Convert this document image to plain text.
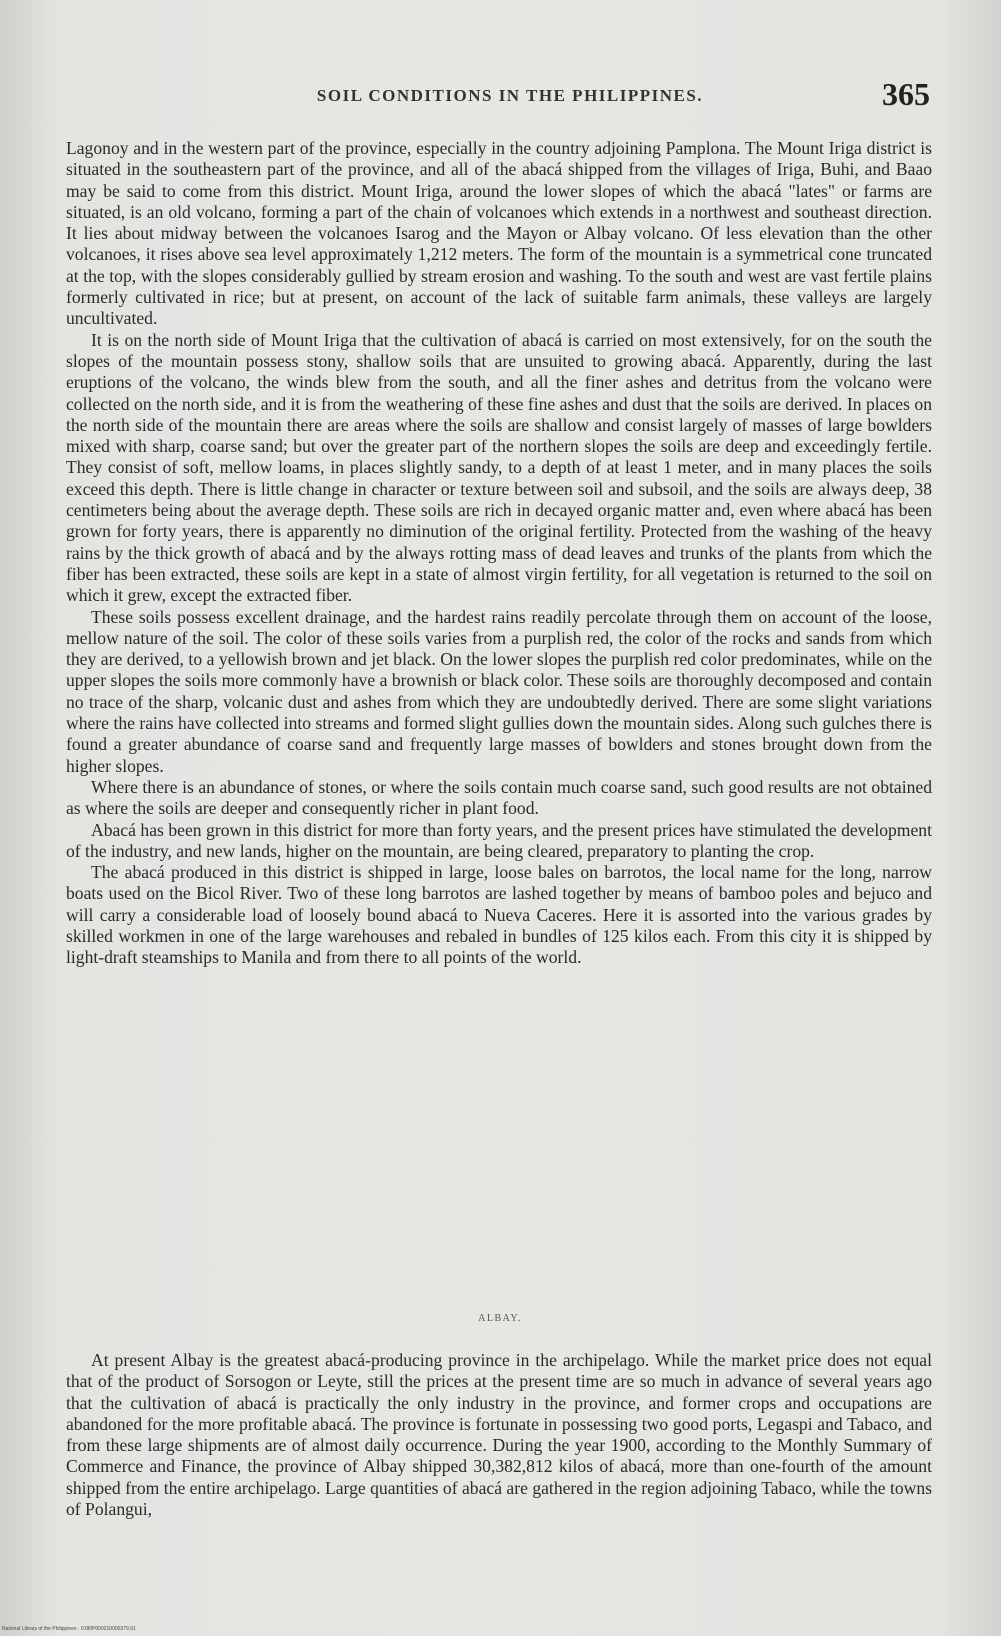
SOIL CONDITIONS IN THE PHILIPPINES.	365

Lagonoy and in the western part of the province, especially in the country adjoining Pamplona. The Mount Iriga district is situated in the southeastern part of the province, and all of the abacá shipped from the villages of Iriga, Buhi, and Baao may be said to come from this district. Mount Iriga, around the lower slopes of which the abacá "lates" or farms are situated, is an old volcano, forming a part of the chain of volcanoes which extends in a northwest and southeast direction. It lies about midway between the volcanoes Isarog and the Mayon or Albay volcano. Of less elevation than the other volcanoes, it rises above sea level approximately 1,212 meters. The form of the mountain is a symmetrical cone truncated at the top, with the slopes considerably gullied by stream erosion and washing. To the south and west are vast fertile plains formerly cultivated in rice; but at present, on account of the lack of suitable farm animals, these valleys are largely uncultivated.

It is on the north side of Mount Iriga that the cultivation of abacá is carried on most extensively, for on the south the slopes of the mountain possess stony, shallow soils that are unsuited to growing abacá. Apparently, during the last eruptions of the volcano, the winds blew from the south, and all the finer ashes and detritus from the volcano were collected on the north side, and it is from the weathering of these fine ashes and dust that the soils are derived. In places on the north side of the mountain there are areas where the soils are shallow and consist largely of masses of large bowlders mixed with sharp, coarse sand; but over the greater part of the northern slopes the soils are deep and exceedingly fertile. They consist of soft, mellow loams, in places slightly sandy, to a depth of at least 1 meter, and in many places the soils exceed this depth. There is little change in character or texture between soil and subsoil, and the soils are always deep, 38 centimeters being about the average depth. These soils are rich in decayed organic matter and, even where abacá has been grown for forty years, there is apparently no diminution of the original fertility. Protected from the washing of the heavy rains by the thick growth of abacá and by the always rotting mass of dead leaves and trunks of the plants from which the fiber has been extracted, these soils are kept in a state of almost virgin fertility, for all vegetation is returned to the soil on which it grew, except the extracted fiber.

These soils possess excellent drainage, and the hardest rains readily percolate through them on account of the loose, mellow nature of the soil. The color of these soils varies from a purplish red, the color of the rocks and sands from which they are derived, to a yellowish brown and jet black. On the lower slopes the purplish red color predominates, while on the upper slopes the soils more commonly have a brownish or black color. These soils are thoroughly decomposed and contain no trace of the sharp, volcanic dust and ashes from which they are undoubtedly derived. There are some slight variations where the rains have collected into streams and formed slight gullies down the mountain sides. Along such gulches there is found a greater abundance of coarse sand and frequently large masses of bowlders and stones brought down from the higher slopes.

Where there is an abundance of stones, or where the soils contain much coarse sand, such good results are not obtained as where the soils are deeper and consequently richer in plant food.

Abacá has been grown in this district for more than forty years, and the present prices have stimulated the development of the industry, and new lands, higher on the mountain, are being cleared, preparatory to planting the crop.

The abacá produced in this district is shipped in large, loose bales on barrotos, the local name for the long, narrow boats used on the Bicol River. Two of these long barrotos are lashed together by means of bamboo poles and bejuco and will carry a considerable load of loosely bound abacá to Nueva Caceres. Here it is assorted into the various grades by skilled workmen in one of the large warehouses and rebaled in bundles of 125 kilos each. From this city it is shipped by light-draft steamships to Manila and from there to all points of the world.

ALBAY.

At present Albay is the greatest abacá-producing province in the archipelago. While the market price does not equal that of the product of Sorsogon or Leyte, still the prices at the present time are so much in advance of several years ago that the cultivation of abacá is practically the only industry in the province, and former crops and occupations are abandoned for the more profitable abacá. The province is fortunate in possessing two good ports, Legaspi and Tabaco, and from these large shipments are of almost daily occurrence. During the year 1900, according to the Monthly Summary of Commerce and Finance, the province of Albay shipped 30,382,812 kilos of abacá, more than one-fourth of the amount shipped from the entire archipelago. Large quantities of abacá are gathered in the region adjoining Tabaco, while the towns of Polangui,

National Library of the Philippines · 0180P000210000379.91
